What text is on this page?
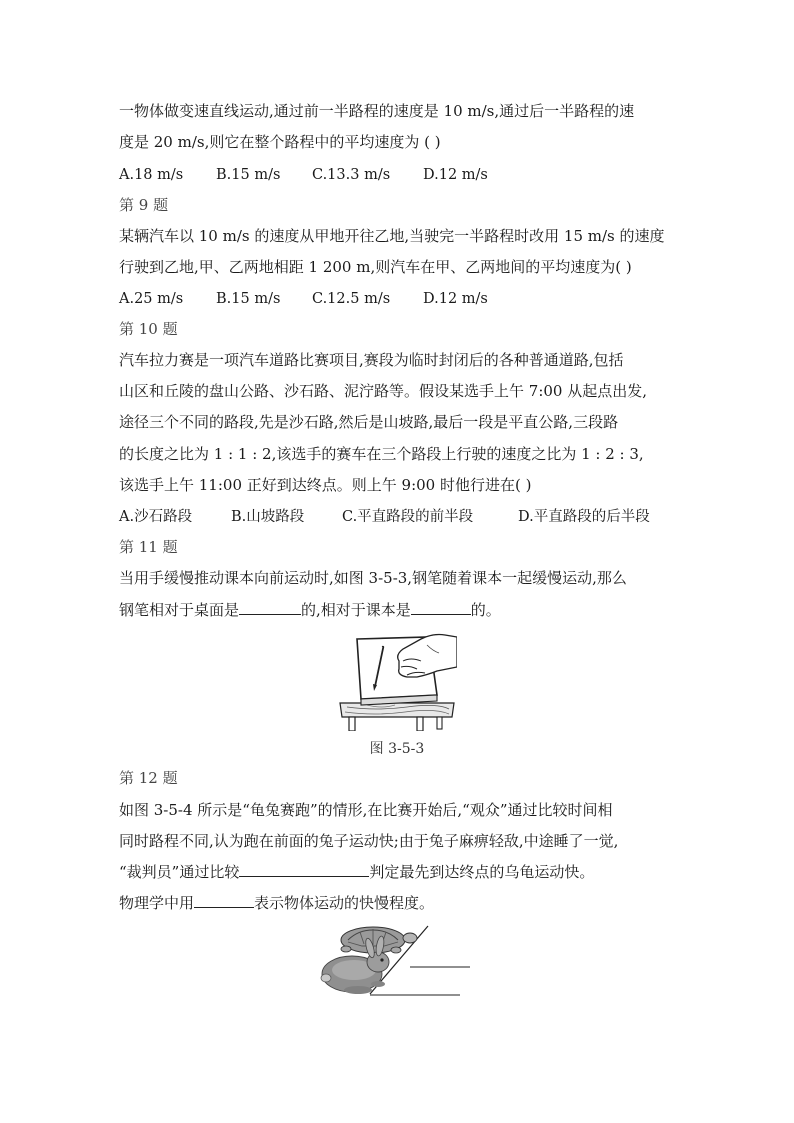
一物体做变速直线运动,通过前一半路程的速度是 10 m/s,通过后一半路程的速
度是 20 m/s,则它在整个路程中的平均速度为 ( )
A.18 m/s B.15 m/s C.13.3 m/s D.12 m/s
第 9 题
某辆汽车以 10 m/s 的速度从甲地开往乙地,当驶完一半路程时改用 15 m/s 的速度
行驶到乙地,甲、乙两地相距 1 200 m,则汽车在甲、乙两地间的平均速度为( )
A.25 m/s B.15 m/s C.12.5 m/s D.12 m/s
第 10 题
汽车拉力赛是一项汽车道路比赛项目,赛段为临时封闭后的各种普通道路,包括
山区和丘陵的盘山公路、沙石路、泥泞路等。假设某选手上午 7:00 从起点出发,
途径三个不同的路段,先是沙石路,然后是山坡路,最后一段是平直公路,三段路
的长度之比为 1 : 1 : 2,该选手的赛车在三个路段上行驶的速度之比为 1 : 2 : 3,
该选手上午 11:00 正好到达终点。则上午 9:00 时他行进在( )
A.沙石路段	B.山坡路段	C.平直路段的前半段	D.平直路段的后半段
第 11 题
当用手缓慢推动课本向前运动时,如图 3-5-3,钢笔随着课本一起缓慢运动,那么
钢笔相对于桌面是	的,相对于课本是	的。
图 3-5-3
第 12 题
如图 3-5-4 所示是“龟兔赛跑”的情形,在比赛开始后,“观众”通过比较时间相
同时路程不同,认为跑在前面的兔子运动快;由于兔子麻痹轻敌,中途睡了一觉,
“裁判员”通过比较	判定最先到达终点的乌龟运动快。
物理学中用	表示物体运动的快慢程度。
